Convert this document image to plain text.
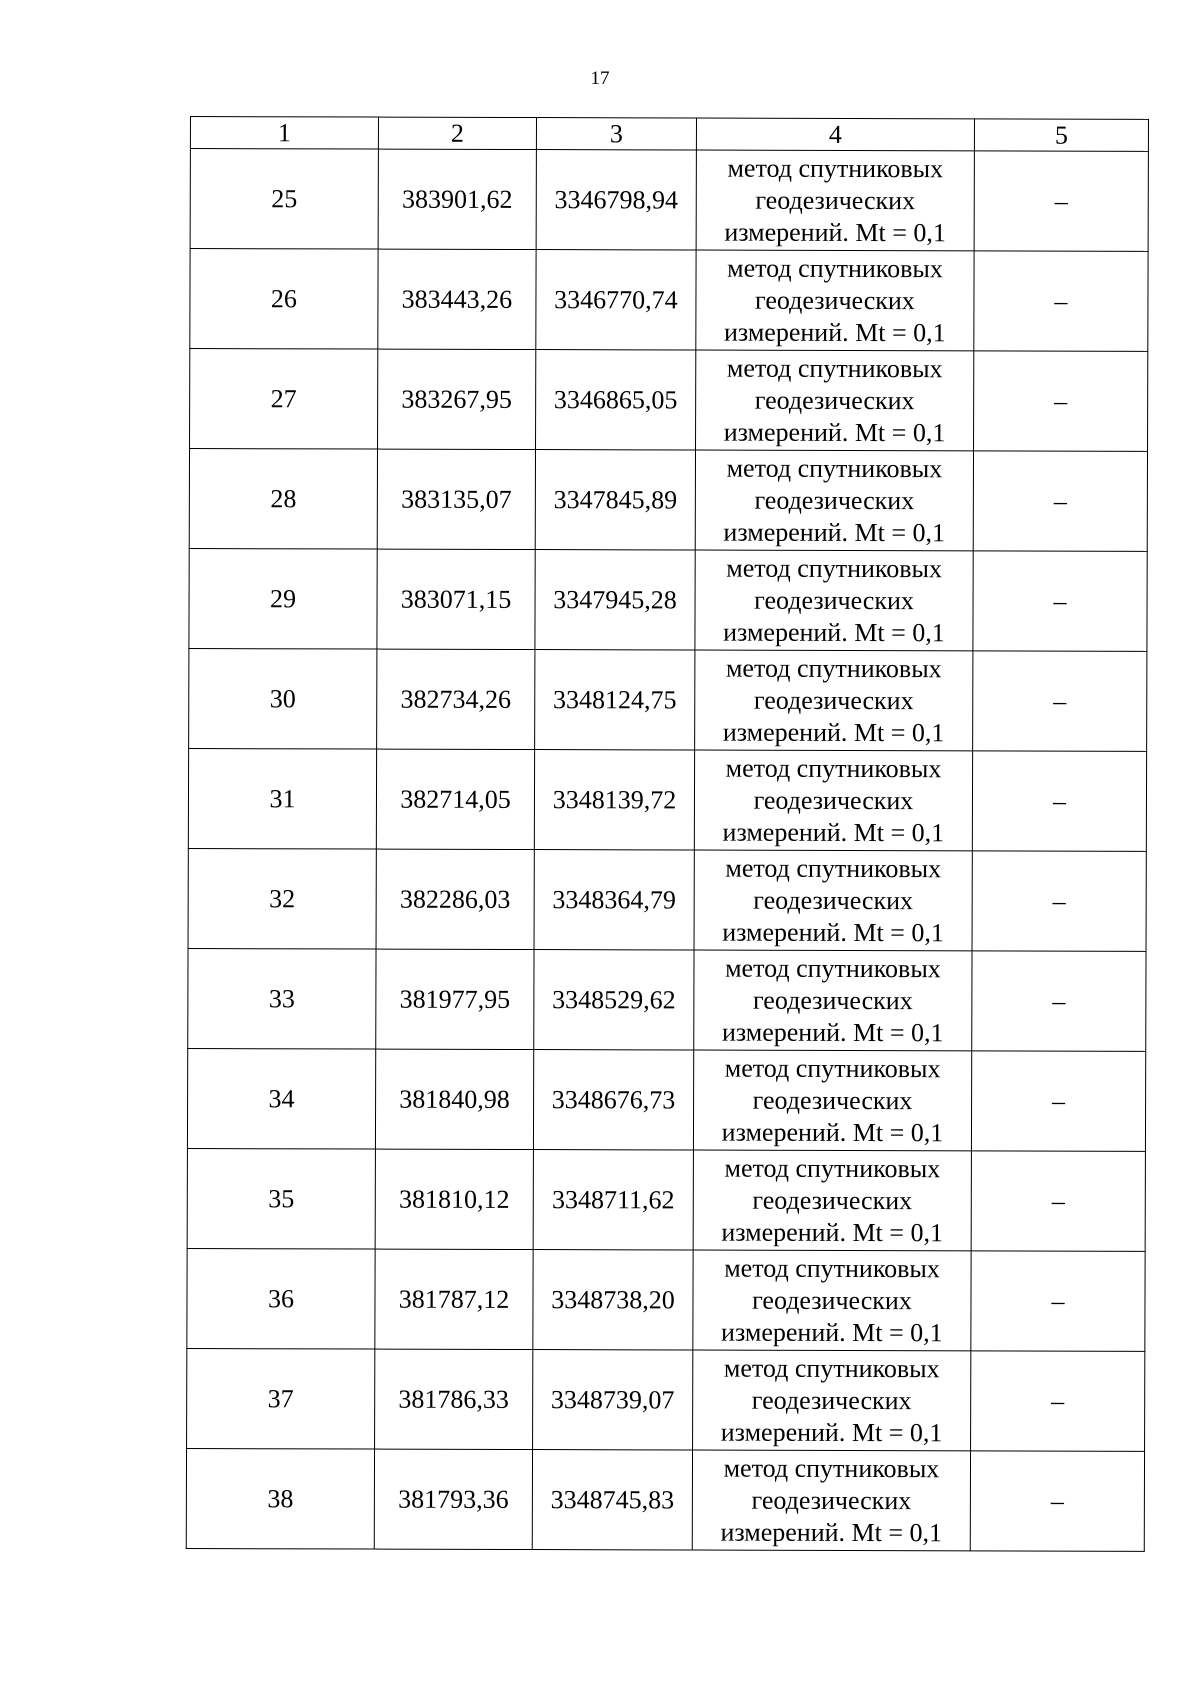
17
1	2	3	4	5
25	383901,62	3346798,94	метод спутниковых
геодезических
измерений. Mt = 0,1	–
26	383443,26	3346770,74	метод спутниковых
геодезических
измерений. Mt = 0,1	–
27	383267,95	3346865,05	метод спутниковых
геодезических
измерений. Mt = 0,1	–
28	383135,07	3347845,89	метод спутниковых
геодезических
измерений. Mt = 0,1	–
29	383071,15	3347945,28	метод спутниковых
геодезических
измерений. Mt = 0,1	–
30	382734,26	3348124,75	метод спутниковых
геодезических
измерений. Mt = 0,1	–
31	382714,05	3348139,72	метод спутниковых
геодезических
измерений. Mt = 0,1	–
32	382286,03	3348364,79	метод спутниковых
геодезических
измерений. Mt = 0,1	–
33	381977,95	3348529,62	метод спутниковых
геодезических
измерений. Mt = 0,1	–
34	381840,98	3348676,73	метод спутниковых
геодезических
измерений. Mt = 0,1	–
35	381810,12	3348711,62	метод спутниковых
геодезических
измерений. Mt = 0,1	–
36	381787,12	3348738,20	метод спутниковых
геодезических
измерений. Mt = 0,1	–
37	381786,33	3348739,07	метод спутниковых
геодезических
измерений. Mt = 0,1	–
38	381793,36	3348745,83	метод спутниковых
геодезических
измерений. Mt = 0,1	–
